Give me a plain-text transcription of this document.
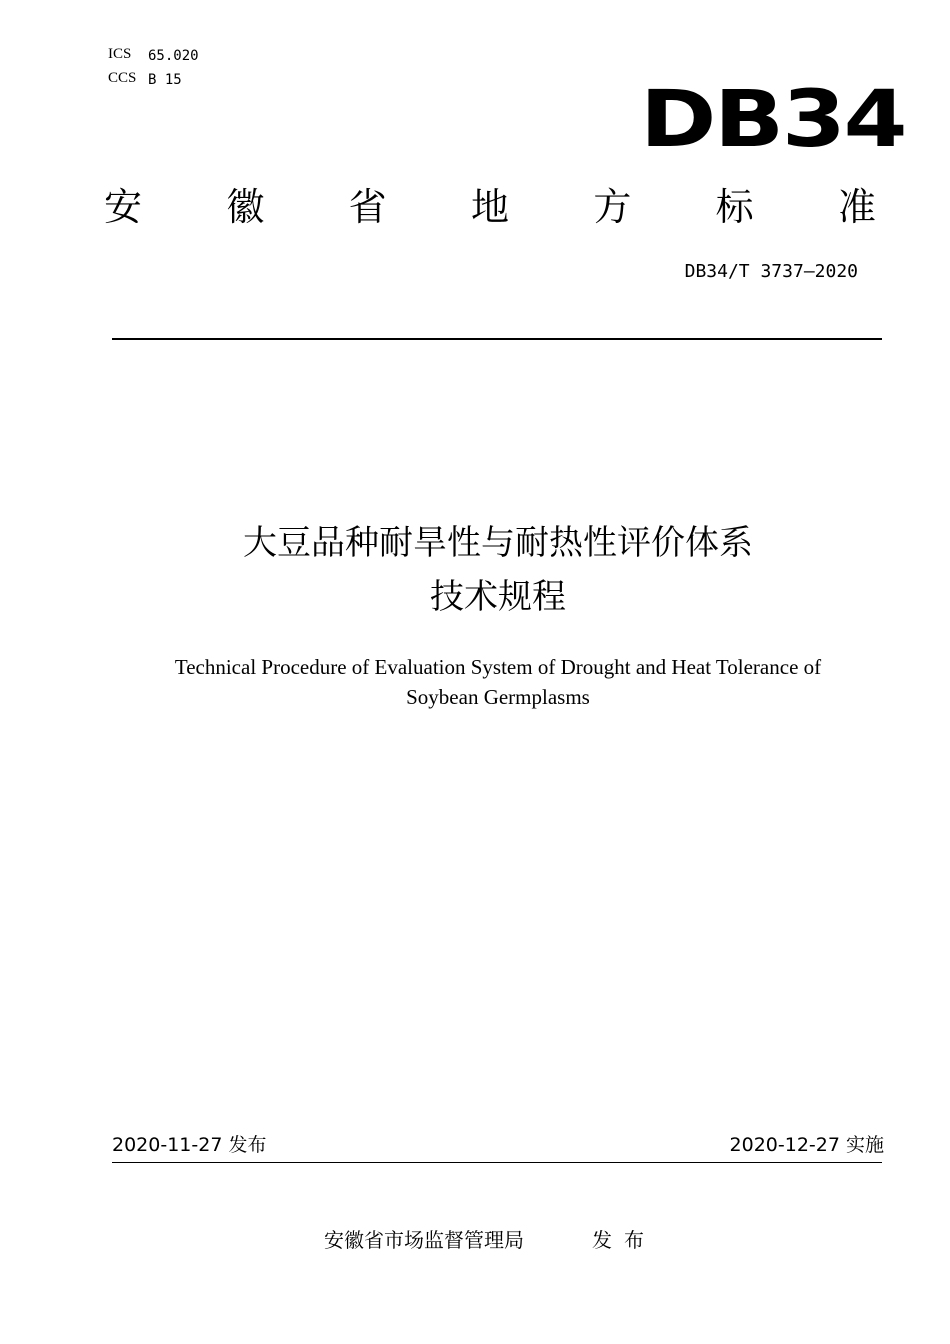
ICS 65.020
CCS B 15	DB34
安 徽 省 地 方 标 准
DB34/T 3737—2020
大豆品种耐旱性与耐热性评价体系
技术规程
Technical Procedure of Evaluation System of Drought and Heat Tolerance of
Soybean Germplasms
2020-11-27 发布	2020-12-27 实施
安徽省市场监督管理局	发布
